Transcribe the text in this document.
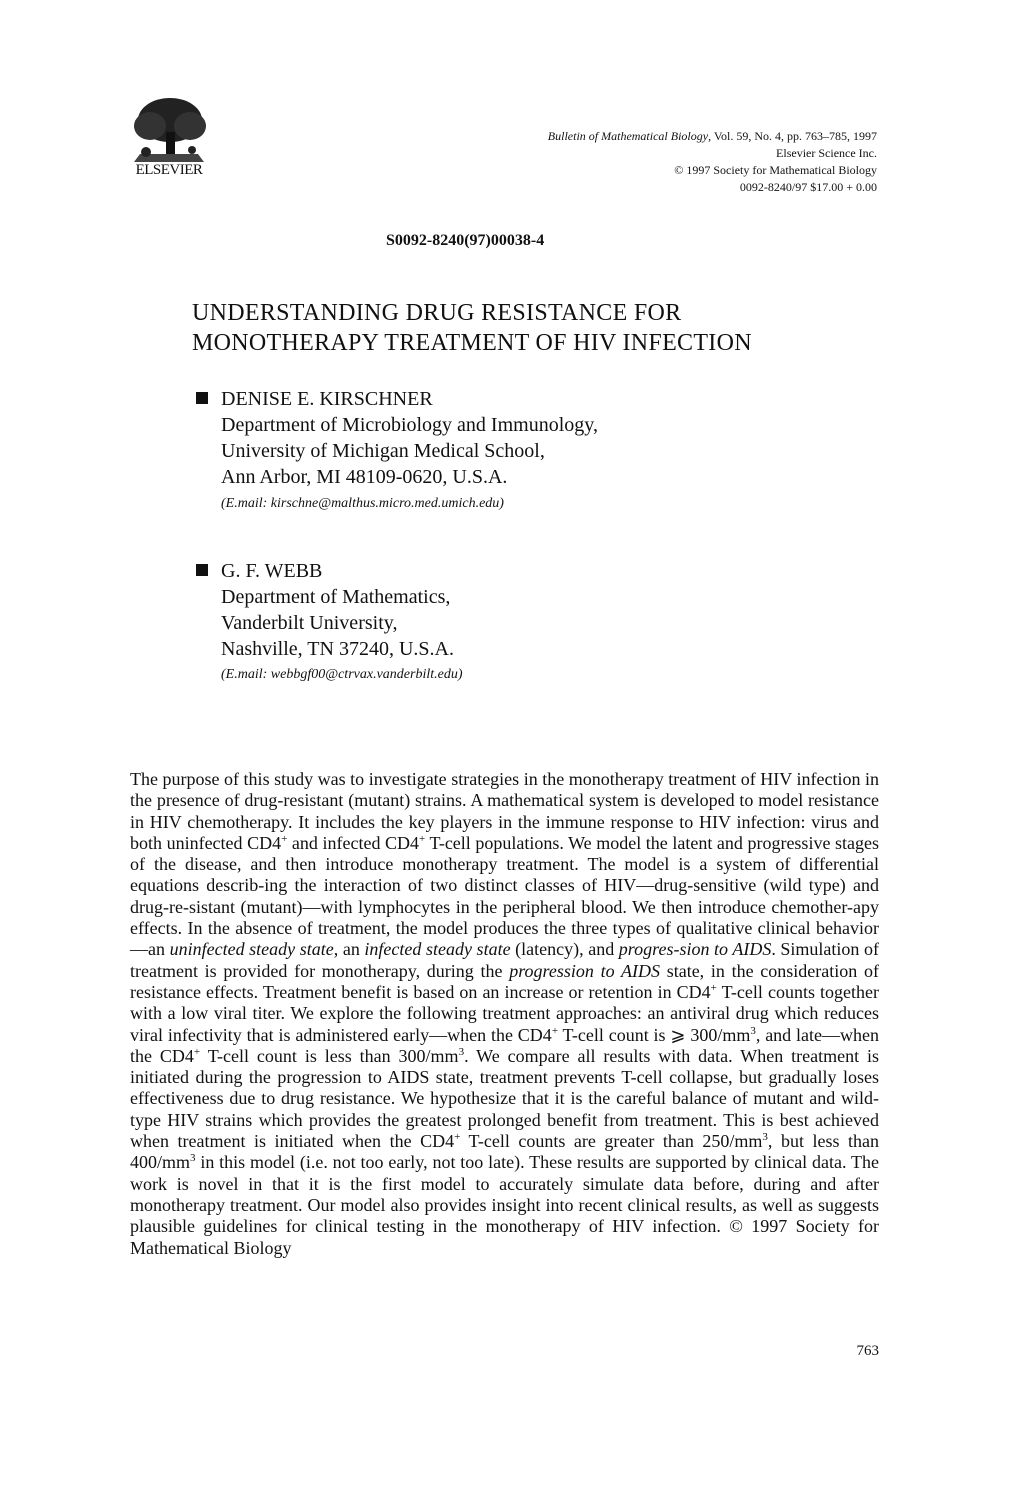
ELSEVIER
Bulletin of Mathematical Biology, Vol. 59, No. 4, pp. 763–785, 1997
Elsevier Science Inc.
© 1997 Society for Mathematical Biology
0092-8240/97 $17.00 + 0.00
S0092-8240(97)00038-4
UNDERSTANDING DRUG RESISTANCE FOR
MONOTHERAPY TREATMENT OF HIV INFECTION
DENISE E. KIRSCHNER
Department of Microbiology and Immunology,
University of Michigan Medical School,
Ann Arbor, MI 48109-0620, U.S.A.
(E.mail: kirschne@malthus.micro.med.umich.edu)
G. F. WEBB
Department of Mathematics,
Vanderbilt University,
Nashville, TN 37240, U.S.A.
(E.mail: webbgf00@ctrvax.vanderbilt.edu)
The purpose of this study was to investigate strategies in the monotherapy treatment of HIV infection in the presence of drug-resistant (mutant) strains. A mathematical system is developed to model resistance in HIV chemotherapy. It includes the key players in the immune response to HIV infection: virus and both uninfected CD4+ and infected CD4+ T-cell populations. We model the latent and progressive stages of the disease, and then introduce monotherapy treatment. The model is a system of differential equations describ-ing the interaction of two distinct classes of HIV—drug-sensitive (wild type) and drug-re-sistant (mutant)—with lymphocytes in the peripheral blood. We then introduce chemother-apy effects. In the absence of treatment, the model produces the three types of qualitative clinical behavior—an uninfected steady state, an infected steady state (latency), and progres-sion to AIDS. Simulation of treatment is provided for monotherapy, during the progression to AIDS state, in the consideration of resistance effects. Treatment benefit is based on an increase or retention in CD4+ T-cell counts together with a low viral titer. We explore the following treatment approaches: an antiviral drug which reduces viral infectivity that is administered early—when the CD4+ T-cell count is ⩾ $300/mm^3$, and late—when the CD4+ T-cell count is less than $300/mm^3$. We compare all results with data. When treatment is initiated during the progression to AIDS state, treatment prevents T-cell collapse, but gradually loses effectiveness due to drug resistance. We hypothesize that it is the careful balance of mutant and wild-type HIV strains which provides the greatest prolonged benefit from treatment. This is best achieved when treatment is initiated when the CD4+ T-cell counts are greater than $250/mm^3$, but less than $400/mm^3$ in this model (i.e. not too early, not too late). These results are supported by clinical data. The work is novel in that it is the first model to accurately simulate data before, during and after monotherapy treatment. Our model also provides insight into recent clinical results, as well as suggests plausible guidelines for clinical testing in the monotherapy of HIV infection. © 1997 Society for Mathematical Biology
763
